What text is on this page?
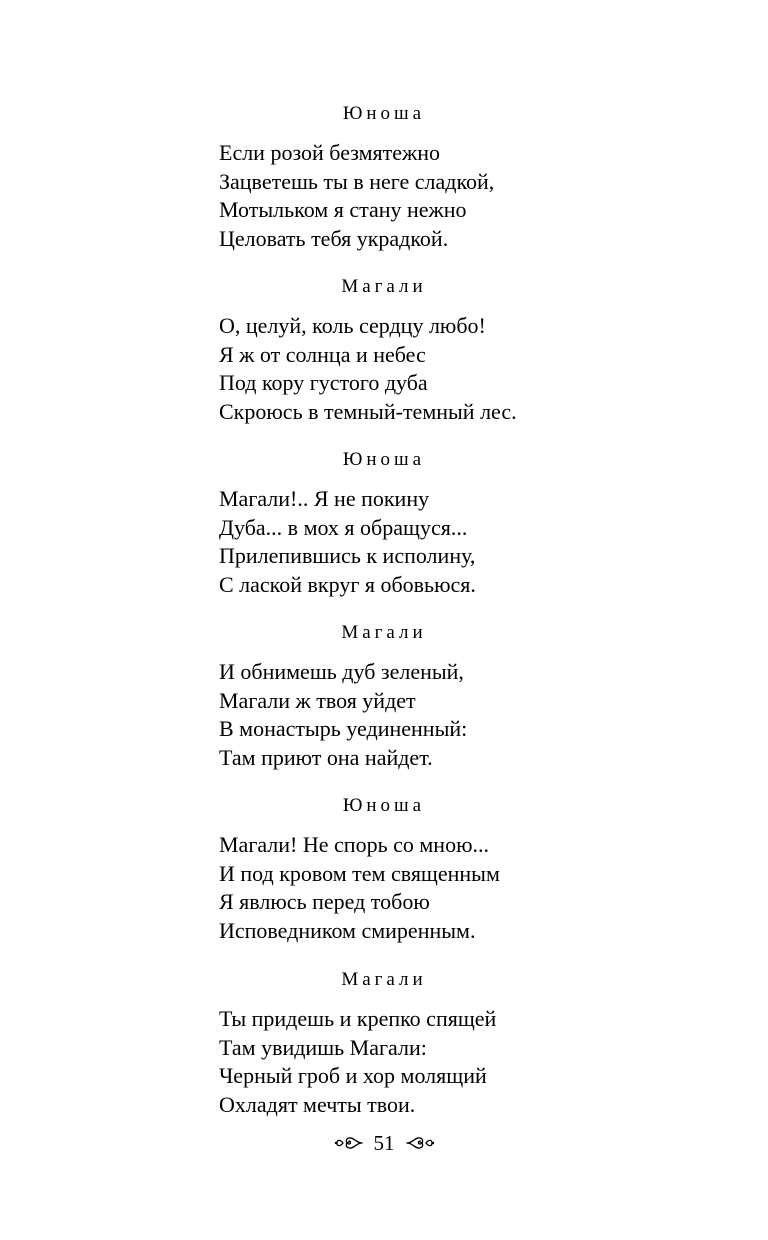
Юноша
Если розой безмятежно
Зацветешь ты в неге сладкой,
Мотыльком я стану нежно
Целовать тебя украдкой.
Магали
О, целуй, коль сердцу любо!
Я ж от солнца и небес
Под кору густого дуба
Скроюсь в темный-темный лес.
Юноша
Магали!.. Я не покину
Дуба... в мох я обращуся...
Прилепившись к исполину,
С лаской вкруг я обовьюся.
Магали
И обнимешь дуб зеленый,
Магали ж твоя уйдет
В монастырь уединенный:
Там приют она найдет.
Юноша
Магали! Не спорь со мною...
И под кровом тем священным
Я явлюсь перед тобою
Исповедником смиренным.
Магали
Ты придешь и крепко спящей
Там увидишь Магали:
Черный гроб и хор молящий
Охладят мечты твои.
51
